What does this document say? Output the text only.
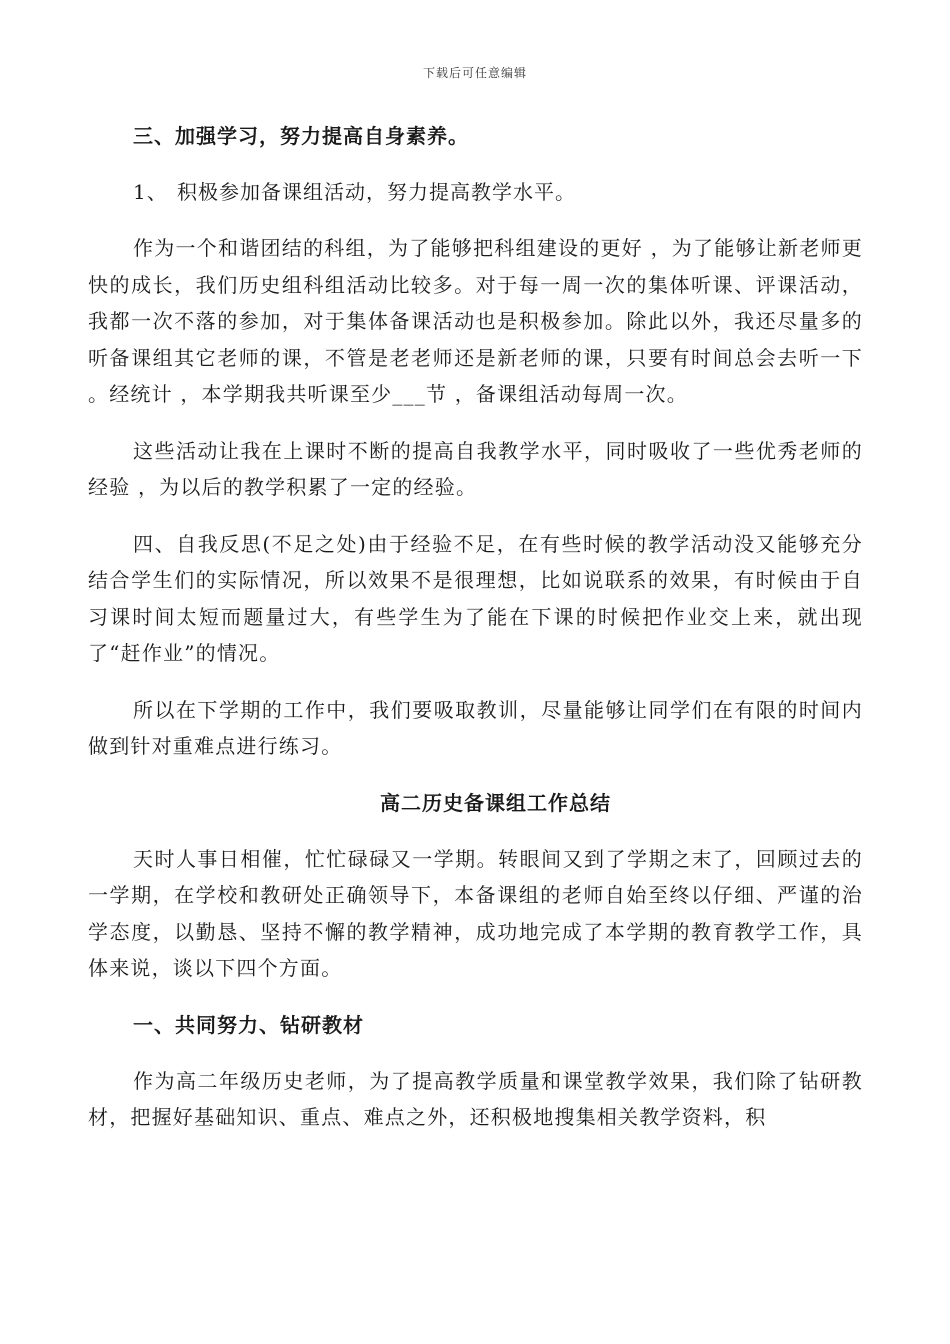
下载后可任意编辑
三、加强学习，努力提高自身素养。
1、 积极参加备课组活动，努力提高教学水平。

作为一个和谐团结的科组，为了能够把科组建设的更好 ，为了能够让新老师更快的成长，我们历史组科组活动比较多。对于每一周一次的集体听课、评课活动，我都一次不落的参加，对于集体备课活动也是积极参加。除此以外，我还尽量多的听备课组其它老师的课，不管是老老师还是新老师的课，只要有时间总会去听一下 。经统计 ，本学期我共听课至少___节 ，备课组活动每周一次。

这些活动让我在上课时不断的提高自我教学水平，同时吸收了一些优秀老师的经验 ，为以后的教学积累了一定的经验。

四、自我反思(不足之处)由于经验不足，在有些时候的教学活动没又能够充分结合学生们的实际情况，所以效果不是很理想，比如说联系的效果，有时候由于自习课时间太短而题量过大，有些学生为了能在下课的时候把作业交上来，就出现了“赶作业”的情况。

所以在下学期的工作中，我们要吸取教训，尽量能够让同学们在有限的时间内做到针对重难点进行练习。

高二历史备课组工作总结

天时人事日相催，忙忙碌碌又一学期。转眼间又到了学期之末了，回顾过去的一学期，在学校和教研处正确领导下，本备课组的老师自始至终以仔细、严谨的治学态度，以勤恳、坚持不懈的教学精神，成功地完成了本学期的教育教学工作，具体来说，谈以下四个方面。

一、共同努力、钻研教材

作为高二年级历史老师，为了提高教学质量和课堂教学效果，我们除了钻研教材，把握好基础知识、重点、难点之外，还积极地搜集相关教学资料，积
